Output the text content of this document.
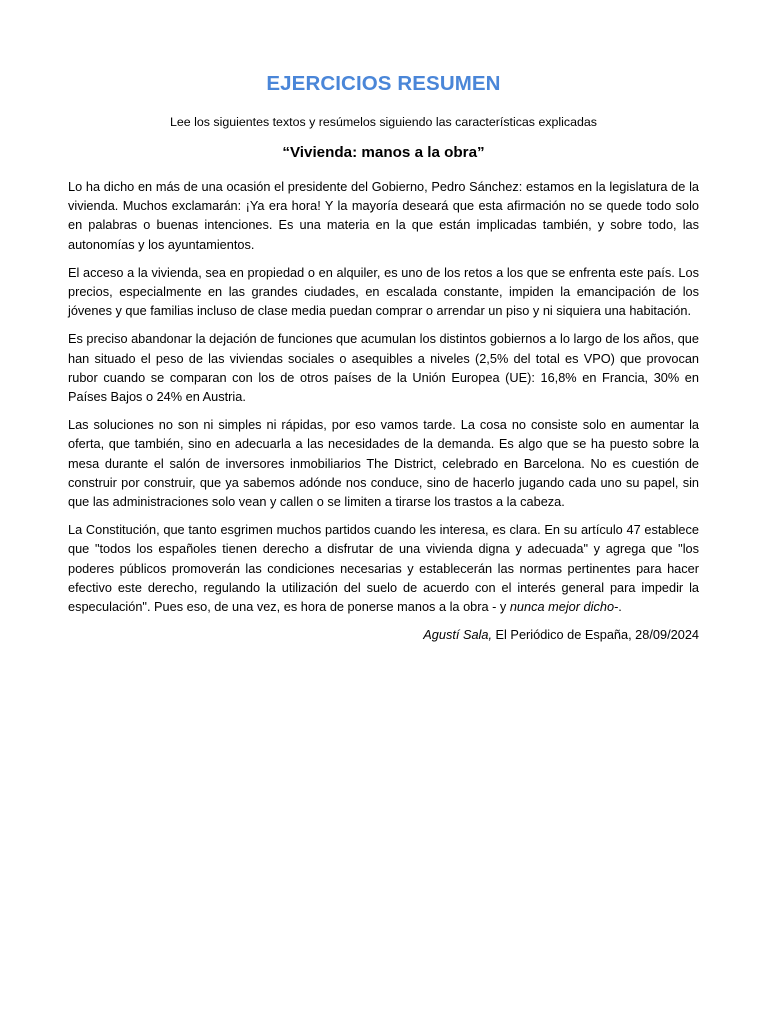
EJERCICIOS RESUMEN

Lee los siguientes textos y resúmelos siguiendo las características explicadas

“Vivienda: manos a la obra”

Lo ha dicho en más de una ocasión el presidente del Gobierno, Pedro Sánchez: estamos en la legislatura de la vivienda. Muchos exclamarán: ¡Ya era hora! Y la mayoría deseará que esta afirmación no se quede todo solo en palabras o buenas intenciones. Es una materia en la que están implicadas también, y sobre todo, las autonomías y los ayuntamientos.

El acceso a la vivienda, sea en propiedad o en alquiler, es uno de los retos a los que se enfrenta este país. Los precios, especialmente en las grandes ciudades, en escalada constante, impiden la emancipación de los jóvenes y que familias incluso de clase media puedan comprar o arrendar un piso y ni siquiera una habitación.

Es preciso abandonar la dejación de funciones que acumulan los distintos gobiernos a lo largo de los años, que han situado el peso de las viviendas sociales o asequibles a niveles (2,5% del total es VPO) que provocan rubor cuando se comparan con los de otros países de la Unión Europea (UE): 16,8% en Francia, 30% en Países Bajos o 24% en Austria.

Las soluciones no son ni simples ni rápidas, por eso vamos tarde. La cosa no consiste solo en aumentar la oferta, que también, sino en adecuarla a las necesidades de la demanda. Es algo que se ha puesto sobre la mesa durante el salón de inversores inmobiliarios The District, celebrado en Barcelona. No es cuestión de construir por construir, que ya sabemos adónde nos conduce, sino de hacerlo jugando cada uno su papel, sin que las administraciones solo vean y callen o se limiten a tirarse los trastos a la cabeza.

La Constitución, que tanto esgrimen muchos partidos cuando les interesa, es clara. En su artículo 47 establece que "todos los españoles tienen derecho a disfrutar de una vivienda digna y adecuada" y agrega que "los poderes públicos promoverán las condiciones necesarias y establecerán las normas pertinentes para hacer efectivo este derecho, regulando la utilización del suelo de acuerdo con el interés general para impedir la especulación". Pues eso, de una vez, es hora de ponerse manos a la obra - y nunca mejor dicho-.

Agustí Sala, El Periódico de España, 28/09/2024
